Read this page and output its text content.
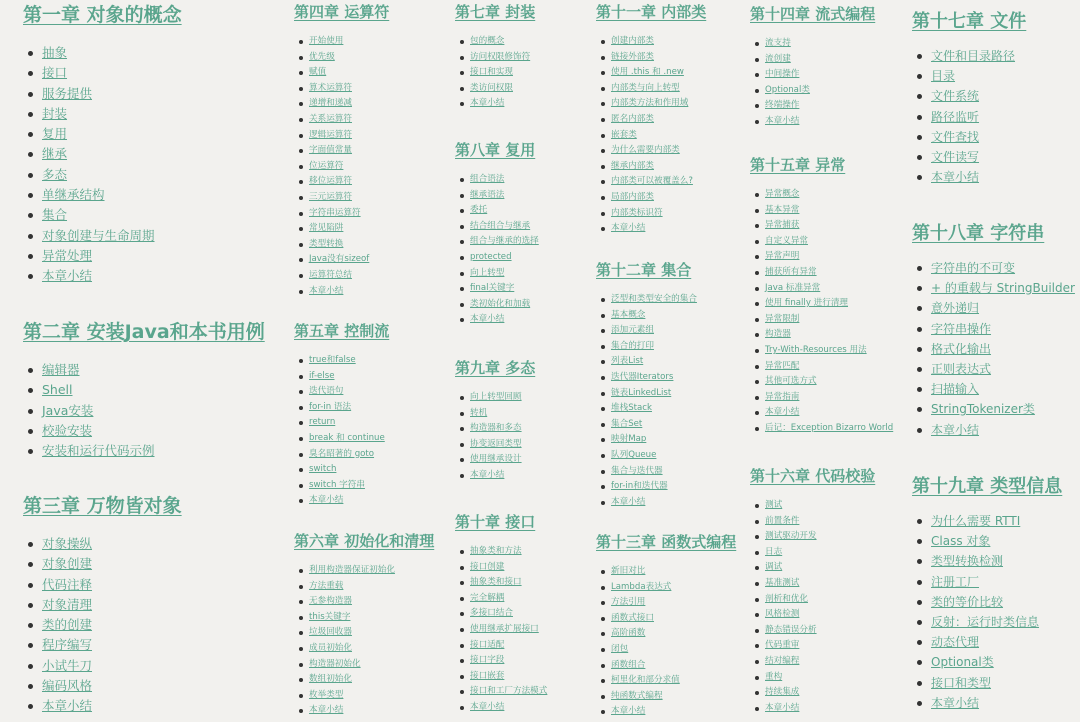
第一章 对象的概念
抽象
接口
服务提供
封装
复用
继承
多态
单继承结构
集合
对象创建与生命周期
异常处理
本章小结
第二章 安装Java和本书用例
编辑器
Shell
Java安装
校验安装
安装和运行代码示例
第三章 万物皆对象
对象操纵
对象创建
代码注释
对象清理
类的创建
程序编写
小试牛刀
编码风格
本章小结
第四章 运算符
开始使用
优先级
赋值
算术运算符
递增和递减
关系运算符
逻辑运算符
字面值常量
位运算符
移位运算符
三元运算符
字符串运算符
常见陷阱
类型转换
Java没有sizeof
运算符总结
本章小结
第五章 控制流
true和false
if-else
迭代语句
for-in 语法
return
break 和 continue
臭名昭著的 goto
switch
switch 字符串
本章小结
第六章 初始化和清理
利用构造器保证初始化
方法重载
无参构造器
this关键字
垃圾回收器
成员初始化
构造器初始化
数组初始化
枚举类型
本章小结
第七章 封装
包的概念
访问权限修饰符
接口和实现
类访问权限
本章小结
第八章 复用
组合语法
继承语法
委托
结合组合与继承
组合与继承的选择
protected
向上转型
final关键字
类初始化和加载
本章小结
第九章 多态
向上转型回顾
转机
构造器和多态
协变返回类型
使用继承设计
本章小结
第十章 接口
抽象类和方法
接口创建
抽象类和接口
完全解耦
多接口结合
使用继承扩展接口
接口适配
接口字段
接口嵌套
接口和工厂方法模式
本章小结
第十一章 内部类
创建内部类
链接外部类
使用 .this 和 .new
内部类与向上转型
内部类方法和作用域
匿名内部类
嵌套类
为什么需要内部类
继承内部类
内部类可以被覆盖么?
局部内部类
内部类标识符
本章小结
第十二章 集合
泛型和类型安全的集合
基本概念
添加元素组
集合的打印
列表List
迭代器Iterators
链表LinkedList
堆栈Stack
集合Set
映射Map
队列Queue
集合与迭代器
for-in和迭代器
本章小结
第十三章 函数式编程
新旧对比
Lambda表达式
方法引用
函数式接口
高阶函数
闭包
函数组合
柯里化和部分求值
纯函数式编程
本章小结
第十四章 流式编程
流支持
流创建
中间操作
Optional类
终端操作
本章小结
第十五章 异常
异常概念
基本异常
异常捕获
自定义异常
异常声明
捕获所有异常
Java 标准异常
使用 finally 进行清理
异常限制
构造器
Try-With-Resources 用法
异常匹配
其他可选方式
异常指南
本章小结
后记：Exception Bizarro World
第十六章 代码校验
测试
前置条件
测试驱动开发
日志
调试
基准测试
剖析和优化
风格检测
静态错误分析
代码重审
结对编程
重构
持续集成
本章小结
第十七章 文件
文件和目录路径
目录
文件系统
路径监听
文件查找
文件读写
本章小结
第十八章 字符串
字符串的不可变
+ 的重载与 StringBuilder
意外递归
字符串操作
格式化输出
正则表达式
扫描输入
StringTokenizer类
本章小结
第十九章 类型信息
为什么需要 RTTI
Class 对象
类型转换检测
注册工厂
类的等价比较
反射：运行时类信息
动态代理
Optional类
接口和类型
本章小结
